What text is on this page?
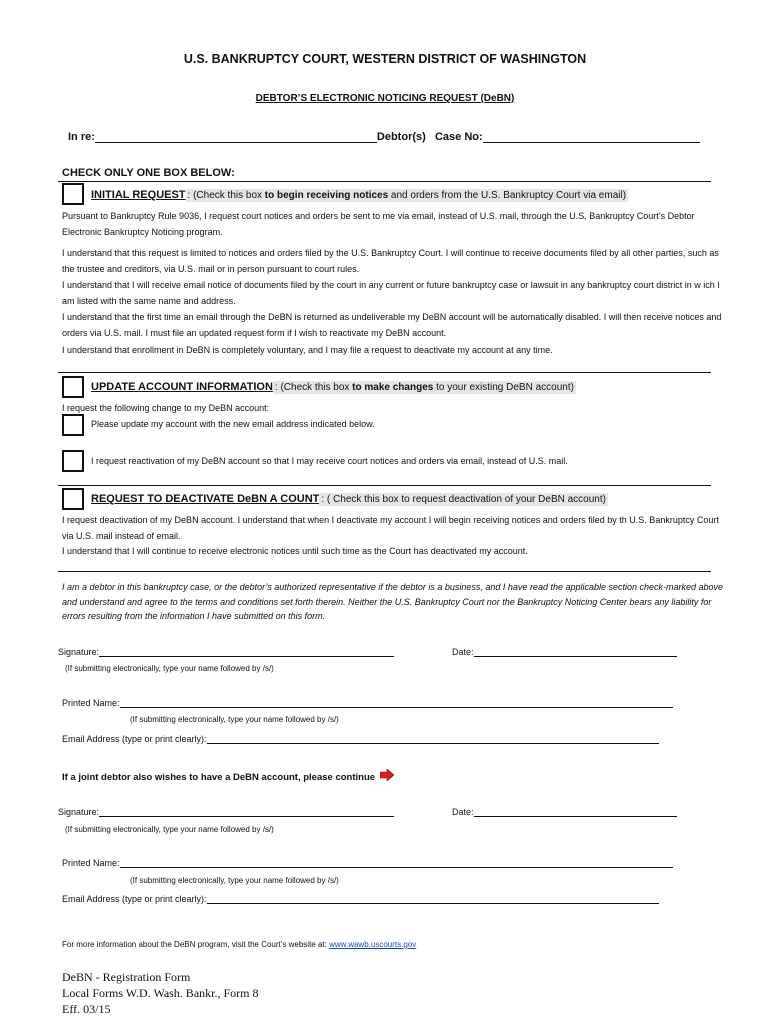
U.S. BANKRUPTCY COURT, WESTERN DISTRICT OF WASHINGTON
DEBTOR’S ELECTRONIC NOTICING REQUEST (DeBN)
In re:	Debtor(s) Case No:
CHECK ONLY ONE BOX BELOW:
INITIAL REQUEST : (Check this box to begin receiving notices and orders from the U.S. Bankruptcy Court via email)
Pursuant to Bankruptcy Rule 9036, I request court notices and orders be sent to me via email, instead of U.S. mail, through the U.S. Bankruptcy Court’s Debtor Electronic Bankruptcy Noticing program.
I understand that this request is limited to notices and orders filed by the U.S. Bankruptcy Court. I will continue to receive documents filed by all other parties, such as the trustee and creditors, via U.S. mail or in person pursuant to court rules.
I understand that I will receive email notice of documents filed by the court in any current or future bankruptcy case or lawsuit in any bankruptcy court district in w ich I am listed with the same name and address.
I understand that the first time an email through the DeBN is returned as undeliverable my DeBN account will be automatically disabled. I will then receive notices and orders via U.S. mail. I must file an updated request form if I wish to reactivate my DeBN account.
I understand that enrollment in DeBN is completely voluntary, and I may file a request to deactivate my account at any time.
UPDATE ACCOUNT INFORMATION : (Check this box to make changes to your existing DeBN account)
I request the following change to my DeBN account:
Please update my account with the new email address indicated below.
I request reactivation of my DeBN account so that I may receive court notices and orders via email, instead of U.S. mail.
REQUEST TO DEACTIVATE DeBN A COUNT : ( Check this box to request deactivation of your DeBN account)
I request deactivation of my DeBN account. I understand that when I deactivate my account I will begin receiving notices and orders filed by th U.S. Bankruptcy Court via U.S. mail instead of email.
I understand that I will continue to receive electronic notices until such time as the Court has deactivated my account.
I am a debtor in this bankruptcy case, or the debtor’s authorized representative if the debtor is a business, and I have read the applicable section check-marked above and understand and agree to the terms and conditions set forth therein. Neither the U.S. Bankruptcy Court nor the Bankruptcy Noticing Center bears any liability for errors resulting from the information I have submitted on this form.
Signature:	Date:
(If submitting electronically, type your name followed by /s/)
Printed Name:
(If submitting electronically, type your name followed by /s/)
Email Address (type or print clearly):
If a joint debtor also wishes to have a DeBN account, please continue
Signature:	Date:
(If submitting electronically, type your name followed by /s/)
Printed Name:
(If submitting electronically, type your name followed by /s/)
Email Address (type or print clearly):
For more information about the DeBN program, visit the Court’s website at: www.wawb.uscourts.gov
DeBN - Registration Form
Local Forms W.D. Wash. Bankr., Form 8
Eff. 03/15
